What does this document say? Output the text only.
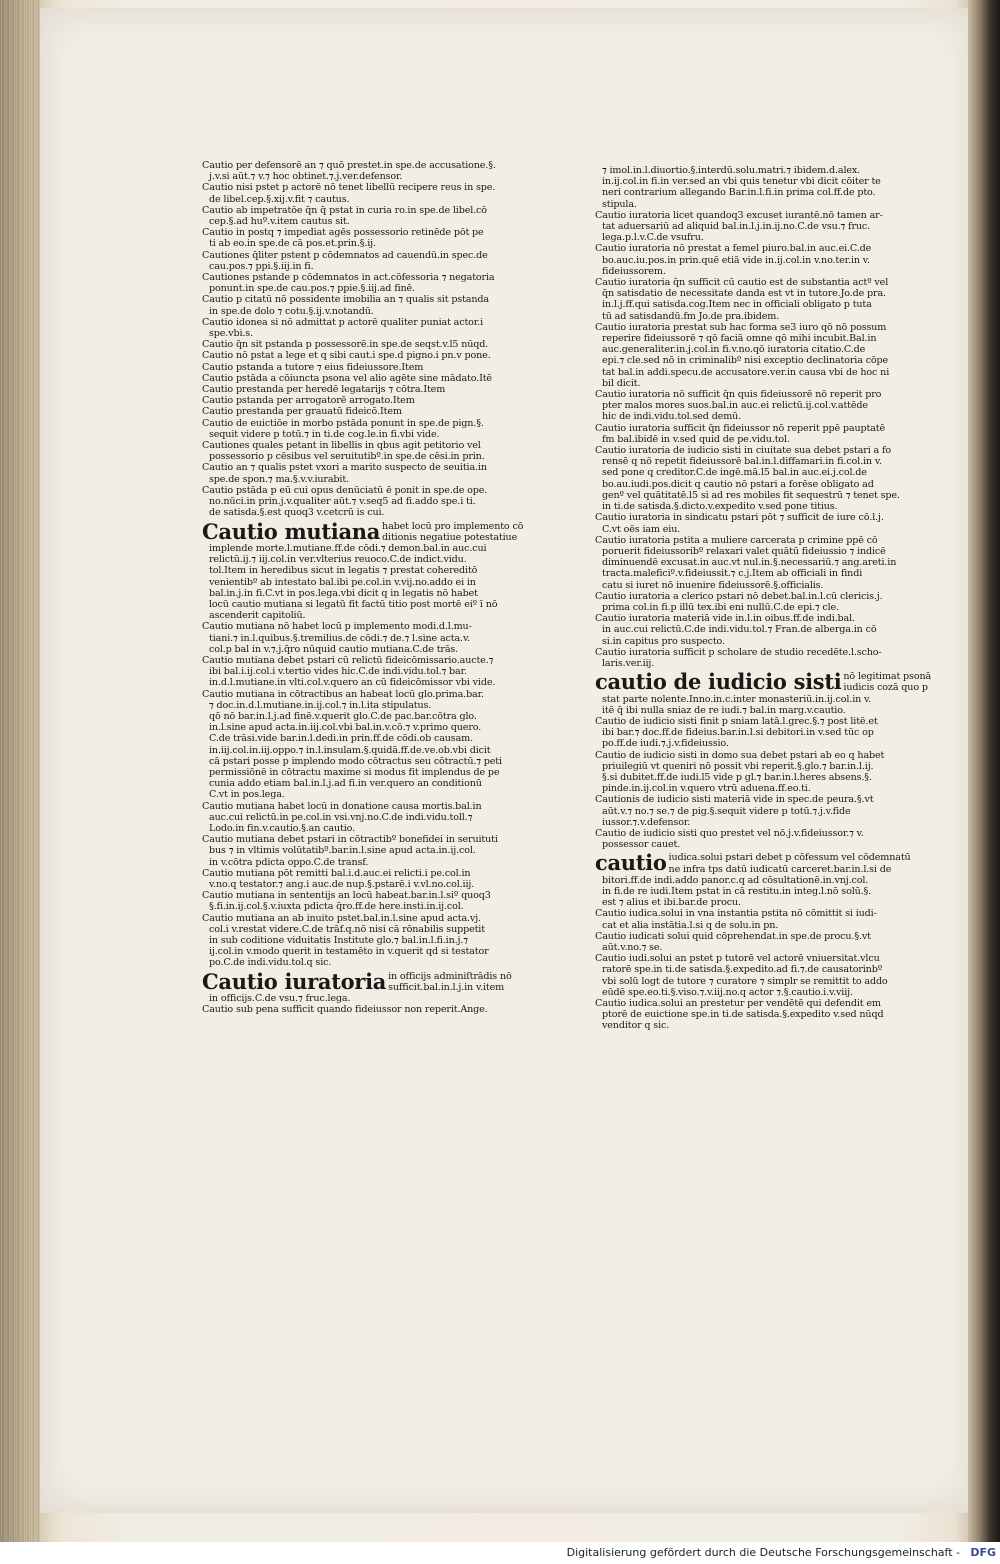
Cautio per defensorē an ⁊ quō prestet.in spe.de accusatione.§.
j.v.si aūt.⁊ v.⁊ hoc obtinet.⁊.j.ver.defensor.
Cautio nisi pstet p actorē nō tenet libellū recipere reus in spe.
de libel.cep.§.xij.v.fit ⁊ cautus.
Cautio ab impetratōe q̄n q̄ pstat in curia ro.in spe.de libel.cō
cep.§.ad huº.v.item cautus sit.
Cautio in postq ⁊ impediat agēs possessorio retinēde pōt pe
ti ab eo.in spe.de cā pos.et.prin.§.ij.
Cautiones q̄liter pstent p cōdemnatos ad cauendū.in spec.de
cau.pos.⁊ ppi.§.iij.in fi.
Cautiones pstande p cōdemnatos in act.cōfessoria ⁊ negatoria
ponunt.in spe.de cau.pos.⁊ ppie.§.iij.ad finē.
Cautio p citatū nō possidente imobilia an ⁊ qualis sit pstanda
in spe.de dolo ⁊ cotu.§.ij.v.notandū.
Cautio idonea si nō admittat p actorē qualiter puniat actor.i
spe.vbi.s.
Cautio q̄n sit pstanda p possessorē.in spe.de seqst.v.l5 nūqd.
Cautio nō pstat a lege et q sibi caut.i spe.d pigno.i pn.v pone.
Cautio pstanda a tutore ⁊ eius fideiussore.Item
Cautio pstāda a cōiuncta psona vel alio agēte sine mādato.Itē
Cautio prestanda per heredē legatarijs ⁊ cōtra.Item
Cautio pstanda per arrogatorē arrogato.Item
Cautio prestanda per grauatū fideicō.Item
Cautio de euictiōe in morbo pstāda ponunt in spe.de pign.§.
sequit videre p totū.⁊ in ti.de cog.le.in fi.vbi vide.
Cautiones quales petant in libellis in qbus agit petitorio vel
possessorio p cēsibus vel seruitutibº.in spe.de cēsi.in prin.
Cautio an ⁊ qualis pstet vxori a marito suspecto de seuitia.in
spe.de spon.⁊ ma.§.v.v.iurabit.
Cautio pstāda p eū cui opus denūciatū ē ponit in spe.de ope.
no.nūci.in prin.j.v.qualiter aūt.⁊ v.seq5 ad fi.addo spe.i ti.
de satisda.§.est quoq3 v.cetcrū is cui.
Cautio mutiana habet locū pro implemento cō
ditionis negatiue potestatiue
implende morte.l.mutiane.ff.de cōdi.⁊ demon.bal.in auc.cui
relictū.ij.⁊ iij.col.in ver.vlterius reuoco.C.de indict.vidu.
tol.Item in heredibus sicut in legatis ⁊ prestat cohereditō
venientibº ab intestato bal.ibi pe.col.in v.vij.no.addo ei in
bal.in.j.in fi.C.vt in pos.lega.vbi dicit q in legatis nō habet
locū cautio mutiana si legatū fit factū titio post mortē eiº ī nō
ascenderit capitoliū.
Cautio mutiana nō habet locū p implemento modi.d.l.mu-
tiani.⁊ in.l.quibus.§.tremilius.de cōdi.⁊ de.⁊ l.sine acta.v.
col.p bal in v.⁊.j.q̄ro nūquid cautio mutiana.C.de trās.
Cautio mutiana debet pstari cū relictū fideicōmissario.aucte.⁊
ibi bal.i.ij.col.i v.tertio vides hic.C.de indi.vidu.tol.⁊ bar.
in.d.l.mutiane.in vlti.col.v.quero an cū fideicōmissor vbi vide.
Cautio mutiana in cōtractibus an habeat locū glo.prima.bar.
⁊ doc.in.d.l.mutiane.in.ij.col.⁊ in.l.ita stipulatus.
qō nō bar.in.l.j.ad finē.v.querit glo.C.de pac.bar.cōtra glo.
in.l.sine apud acta.in.iij.col.vbi bal.in.v.cō.⁊ v.primo quero.
C.de trāsi.vide bar.in.l.dedi.in prin.ff.de cōdi.ob causam.
in.iij.col.in.iij.oppo.⁊ in.l.insulam.§.quidā.ff.de.ve.ob.vbi dicit
cā pstari posse p implendo modo cōtractus seu cōtractū.⁊ peti
permissiōnē in cōtractu maxime si modus fit implendus de pe
cunia addo etiam bal.in.l.j.ad fi.in ver.quero an conditionū
C.vt in pos.lega.
Cautio mutiana habet locū in donatione causa mortis.bal.in
auc.cui relictū.in pe.col.in vsi.vnj.no.C.de indi.vidu.toll.⁊
Lodo.in fin.v.cautio.§.an cautio.
Cautio mutiana debet pstari in cōtractibº bonefidei in seruituti
bus ⁊ in vltimis volūtatibº.bar.in.l.sine apud acta.in.ij.col.
in v.cōtra pdicta oppo.C.de transf.
Cautio mutiana pōt remitti bal.i.d.auc.ei relicti.i pe.col.in
v.no.q testator.⁊ ang.i auc.de nup.§.pstarē.i v.vl.no.col.iij.
Cautio mutiana in sententijs an locū habeat.bar.in.l.siº quoq3
§.fi.in.ij.col.§.v.iuxta pdicta q̄ro.ff.de here.insti.in.ij.col.
Cautio mutiana an ab inuito pstet.bal.in.l.sine apud acta.vj.
col.i v.restat videre.C.de trāf.q.nō nisi cā rōnabilis suppetit
in sub coditione viduitatis Institute glo.⁊ bal.in.l.fi.in.j.⁊
ij.col.in v.modo querit in testamēto in v.querit qd si testator
po.C.de indi.vidu.tol.q sic.
Cautio iuratoria in officijs adminiſtrādis nō
sufficit.bal.in.l.j.in v.item
in officijs.C.de vsu.⁊ fruc.lega.
Cautio sub pena sufficit quando fideiussor non reperit.Ange.
⁊ imol.in.l.diuortio.§.interdū.solu.matri.⁊ ibidem.d.alex.
in.ij.col.in fi.in ver.sed an vbi quis tenetur vbi dicit cōiter te
neri contrarium allegando Bar.in.l.fi.in prima col.ff.de pto.
stipula.
Cautio iuratoria licet quandoq3 excuset iurantē.nō tamen ar-
tat aduersariū ad aliquid bal.in.l.j.in.ij.no.C.de vsu.⁊ fruc.
lega.p.l.v.C.de vsufru.
Cautio iuratoria nō prestat a femel piuro.bal.in auc.ei.C.de
bo.auc.iu.pos.in prin.quē etiā vide in.ij.col.in v.no.ter.in v.
fideiussorem.
Cautio iuratoria q̄n sufficit cū cautio est de substantia actº vel
q̄n satisdatio de necessitate danda est vt in tutore.Jo.de pra.
in.l.j.ff.qui satisda.cog.Item nec in officiali obligato p tuta
tū ad satisdandū.fm Jo.de pra.ibidem.
Cautio iuratoria prestat sub hac forma se3 iuro qō nō possum
reperire fideiussorē ⁊ qō faciā omne qō mihi incubit.Bal.in
auc.generaliter.in.j.col.in fi.v.no.qō iuratoria citatio.C.de
epi.⁊ cle.sed nō in criminalibº nisi exceptio declinatoria cōpe
tat bal.in addi.specu.de accusatore.ver.in causa vbi de hoc ni
bil dicit.
Cautio iuratoria nō sufficit q̄n quis fideiussorē nō reperit pro
pter malos mores suos.bal.in auc.ei relictū.ij.col.v.attēde
hic de indi.vidu.tol.sed demū.
Cautio iuratoria sufficit q̄n fideiussor nō reperit ppē pauptatē
fm bal.ibidē in v.sed quid de pe.vidu.tol.
Cautio iuratoria de iudicio sisti in ciuitate sua debet pstari a fo
rensē q nō repetit fideiussorē bal.in.l.diffamari.in fi.col.in v.
sed pone q creditor.C.de ingē.mā.l5 bal.in auc.ei.j.col.de
bo.au.iudi.pos.dicit q cautio nō pstari a forēse obligato ad
genº vel quātitatē.l5 si ad res mobiles fit sequestrū ⁊ tenet spe.
in ti.de satisda.§.dicto.v.expedito v.sed pone titius.
Cautio iuratoria in sindicatu pstari pōt ⁊ sufficit de iure cō.l.j.
C.vt oēs iam eiu.
Cautio iuratoria pstita a muliere carcerata p crimine ppē cō
poruerit fideiussoribº relaxari valet quātū fideiussio ⁊ indicē
diminuendē excusat.in auc.vt nul.in.§.necessariū.⁊ ang.areti.in
tracta.maleficiº.v.fideiussit.⁊ c.j.Item ab officiali in findi
catu si iuret nō inuenire fideiussorē.§.officialis.
Cautio iuratoria a clerico pstari nō debet.bal.in.l.cū clericis.j.
prima col.in fi.p illū tex.ibi eni nullū.C.de epi.⁊ cle.
Cautio iuratoria materiā vide in.l.in oibus.ff.de indi.bal.
in auc.cui relictū.C.de indi.vidu.tol.⁊ Fran.de alberga.in cō
si.in capitus pro suspecto.
Cautio iuratoria sufficit p scholare de studio recedēte.l.scho-
laris.ver.iij.
cautio de iudicio sisti nō legitimat psonā
iudicis cozā quo p
stat parte nolente.Inno.in.c.inter monasteriū.in.ij.col.in v.
itē q̄ ibi nulla sniaz de re iudi.⁊ bal.in marg.v.cautio.
Cautio de iudicio sisti finit p sniam latā.l.grec.§.⁊ post litē.et
ibi bar.⁊ doc.ff.de fideius.bar.in.l.si debitori.in v.sed tūc op
po.ff.de iudi.⁊.j.v.fideiussio.
Cautio de iudicio sisti in domo sua debet pstari ab eo q habet
priuilegiū vt queniri nō possit vbi reperit.§.glo.⁊ bar.in.l.ij.
§.si dubitet.ff.de iudi.l5 vide p gl.⁊ bar.in.l.heres absens.§.
pinde.in.ij.col.in v.quero vtrū aduena.ff.eo.ti.
Cautionis de iudicio sisti materiā vide in spec.de peura.§.vt
aūt.v.⁊ no.⁊ se.⁊ de pig.§.sequit videre p totū.⁊.j.v.fide
iussor.⁊.v.defensor.
Cautio de iudicio sisti quo prestet vel nō.j.v.fideiussor.⁊ v.
possessor cauet.
cautio iudica.solui pstari debet p cōfessum vel cōdemnatū
ne infra tps datū iudicatū carceret.bar.in.l.si de
bitori.ff.de indi.addo panor.c.q ad cōsultationē.in.vnj.col.
in fi.de re iudi.Item pstat in cā restitu.in integ.l.nō solū.§.
est ⁊ alius et ibi.bar.de procu.
Cautio iudica.solui in vna instantia pstita nō cōmittit si iudi-
cat et alia instātia.l.si q de solu.in pn.
Cautio iudicati solui quid cōprehendat.in spe.de procu.§.vt
aūt.v.no.⁊ se.
Cautio iudi.solui an pstet p tutorē vel actorē vniuersitat.vlcu
ratorē spe.in ti.de satisda.§.expedito.ad fi.⁊.de causatorinbº
vbi solū logt de tutore ⁊ curatore ⁊ simplr se remittit to addo
eūdē spe.eo.ti.§.viso.⁊.v.iij.no.q actor ⁊.§.cautio.i.v.viij.
Cautio iudica.solui an prestetur per vendētē qui defendit em
ptorē de euictione spe.in ti.de satisda.§.expedito v.sed nūqd
venditor q sic.
Digitalisierung gefördert durch die Deutsche Forschungsgemeinschaft - DFG
